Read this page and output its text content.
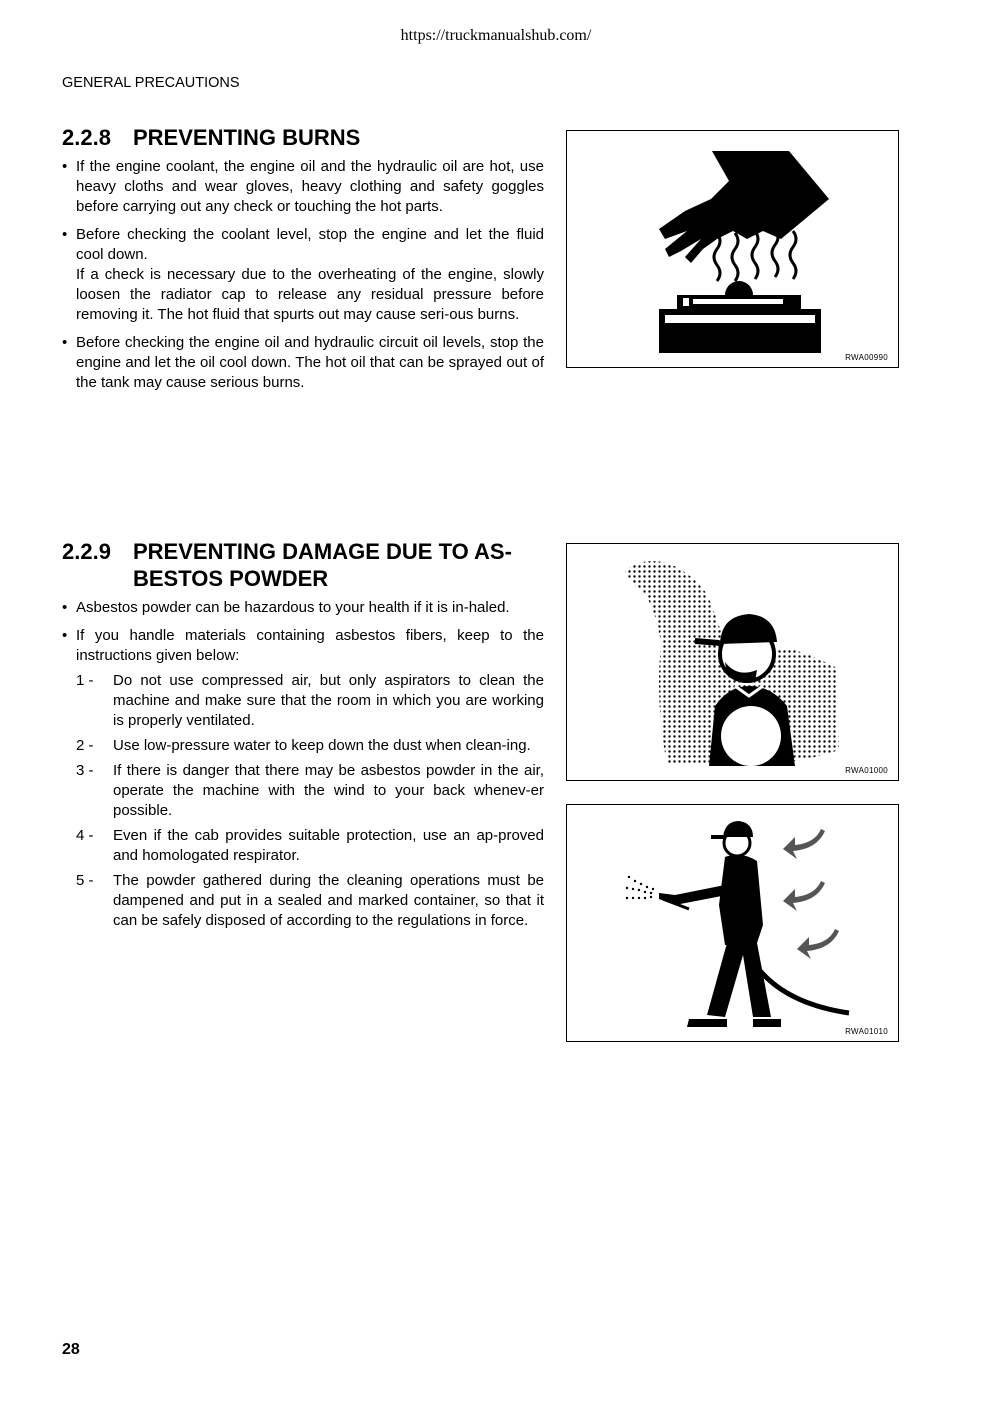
https://truckmanualshub.com/
GENERAL PRECAUTIONS
2.2.8	PREVENTING BURNS
• If the engine coolant, the engine oil and the hydraulic oil are hot, use heavy cloths and wear gloves, heavy clothing and safety goggles before carrying out any check or touching the hot parts.
• Before checking the coolant level, stop the engine and let the fluid cool down.
If a check is necessary due to the overheating of the engine, slowly loosen the radiator cap to release any residual pressure before removing it. The hot fluid that spurts out may cause seri-ous burns.
• Before checking the engine oil and hydraulic circuit oil levels, stop the engine and let the oil cool down. The hot oil that can be sprayed out of the tank may cause serious burns.
RWA00990
2.2.9	PREVENTING DAMAGE DUE TO AS-BESTOS POWDER
• Asbestos powder can be hazardous to your health if it is in-haled.
• If you handle materials containing asbestos fibers, keep to the instructions given below:
1 - Do not use compressed air, but only aspirators to clean the machine and make sure that the room in which you are working is properly ventilated.
2 - Use low-pressure water to keep down the dust when clean-ing.
3 - If there is danger that there may be asbestos powder in the air, operate the machine with the wind to your back whenev-er possible.
4 - Even if the cab provides suitable protection, use an ap-proved and homologated respirator.
5 - The powder gathered during the cleaning operations must be dampened and put in a sealed and marked container, so that it can be safely disposed of according to the regulations in force.
RWA01000
RWA01010
28
